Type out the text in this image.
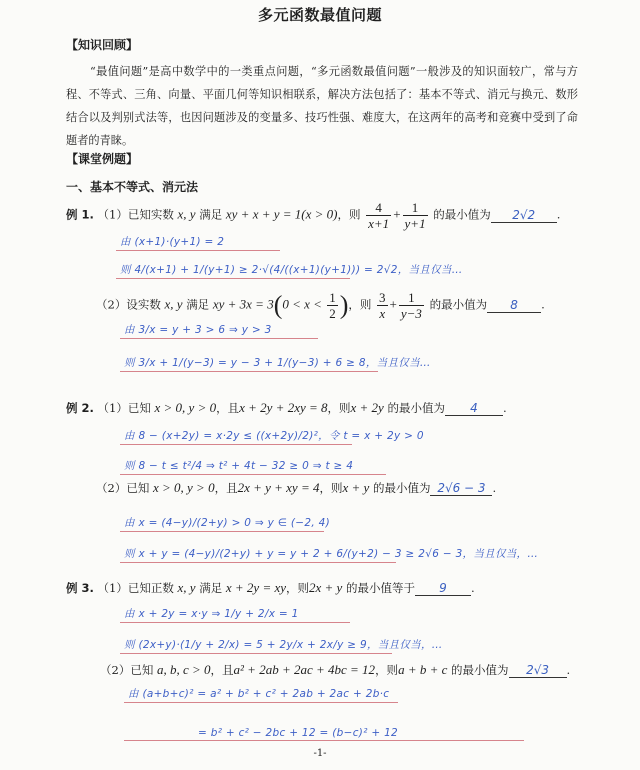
多元函数最值问题
【知识回顾】
“最值问题”是高中数学中的一类重点问题，“多元函数最值问题”一般涉及的知识面较广，常与方程、不等式、三角、向量、平面几何等知识相联系，解决方法包括了：基本不等式、消元与换元、数形结合以及判别式法等，也因问题涉及的变量多、技巧性强、难度大，在这两年的高考和竞赛中受到了命题者的青睐。
【课堂例题】
一、基本不等式、消元法
例 1. （1）已知实数 x, y 满足 xy + x + y = 1(x > 0)，则 $\frac{4}{x+1} + \frac{1}{y+1}$ 的最小值为 2√2 .
由 (x+1)·(y+1) = 2
则 4/(x+1) + 1/(y+1) ≥ 2·√(4/((x+1)(y+1))) = 2√2，当且仅当…
（2）设实数 x, y 满足 xy + $3x = 3(0 < x < \frac{1}{2}$ )，则 $\frac{3}{x} + \frac{1}{y-3}$ 的最小值为 8 .
由 3/x = y + 3 > 6 ⇒ y > 3
则 3/x + 1/(y−3) = y − 3 + 1/(y−3) + 6 ≥ 8，当且仅当…
例 2. （1）已知 x > 0, y > 0，且x + 2y + 2xy = 8，则x + 2y 的最小值为 4 .
由 8 − (x+2y) = x·2y ≤ ((x+2y)/2)²，令 t = x + 2y > 0
则 8 − t ≤ t²/4 ⇒ t² + 4t − 32 ≥ 0 ⇒ t ≥ 4
（2）已知 x > 0, y > 0，且2x + y + xy = 4，则x + y 的最小值为 2√6 − 3 .
由 x = (4−y)/(2+y) > 0 ⇒ y ∈ (−2, 4)
则 x + y = (4−y)/(2+y) + y = y + 2 + 6/(y+2) − 3 ≥ 2√6 − 3，当且仅当，…
例 3. （1）已知正数 x, y 满足 x + 2y = xy，则2x + y 的最小值等于 9 .
由 x + 2y = x·y ⇒ 1/y + 2/x = 1
则 (2x+y)·(1/y + 2/x) = 5 + 2y/x + 2x/y ≥ 9，当且仅当，…
（2）已知 a, b, c > 0，且a² + 2ab + 2ac + 4bc = 12，则a + b + c 的最小值为 2√3 .
由 (a+b+c)² = a² + b² + c² + 2ab + 2ac + 2b·c
= b² + c² − 2bc + 12 = (b−c)² + 12
-1-
